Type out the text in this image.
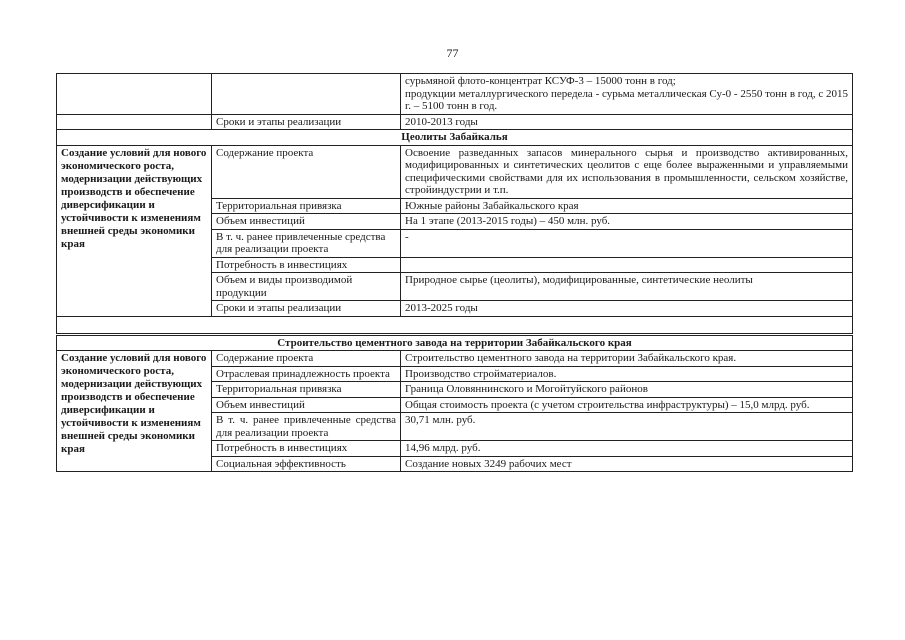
77

		сурьмяной флото-концентрат КСУФ-3 – 15000 тонн в год;
продукции металлургического передела - сурьма металлическая Су-0 - 2550 тонн в год, с 2015 г. – 5100 тонн в год.

	Сроки и этапы реализации	2010-2013 годы
Цеолиты Забайкалья		
Создание условий для нового экономического роста, модернизации действующих производств и обеспечение диверсификации и устойчивости к изменениям внешней среды экономики края	Содержание проекта	Освоение разведанных запасов минерального сырья и производство активированных, модифицированных и синтетических цеолитов с еще более выраженными и управляемыми специфическими свойствами для их использования в промышленности, сельском хозяйстве, стройиндустрии и т.п.
	Территориальная привязка	Южные районы Забайкальского края
	Объем инвестиций	На 1 этапе (2013-2015 годы) – 450 млн. руб.
	В т. ч. ранее привлеченные средства для реализации проекта	-
	Потребность в инвестициях	
	Объем и виды производимой продукции	Природное сырье (цеолиты), модифицированные, синтетические неолиты
	Сроки и этапы реализации	2013-2025 годы

Строительство цементного завода на территории Забайкальского края		
Создание условий для нового экономического роста, модернизации действующих производств и обеспечение диверсификации и устойчивости к изменениям внешней среды экономики края	Содержание проекта	Строительство цементного завода на территории Забайкальского края.
	Отраслевая принадлежность проекта	Производство стройматериалов.
	Территориальная привязка	Граница Оловяннинского и Могойтуйского районов
	Объем инвестиций	Общая стоимость проекта (с учетом строительства инфраструктуры) – 15,0 млрд. руб.
	В т. ч. ранее привлеченные средства для реализации проекта	30,71 млн. руб.
	Потребность в инвестициях	14,96 млрд. руб.
	Социальная эффективность	Создание новых 3249 рабочих мест
